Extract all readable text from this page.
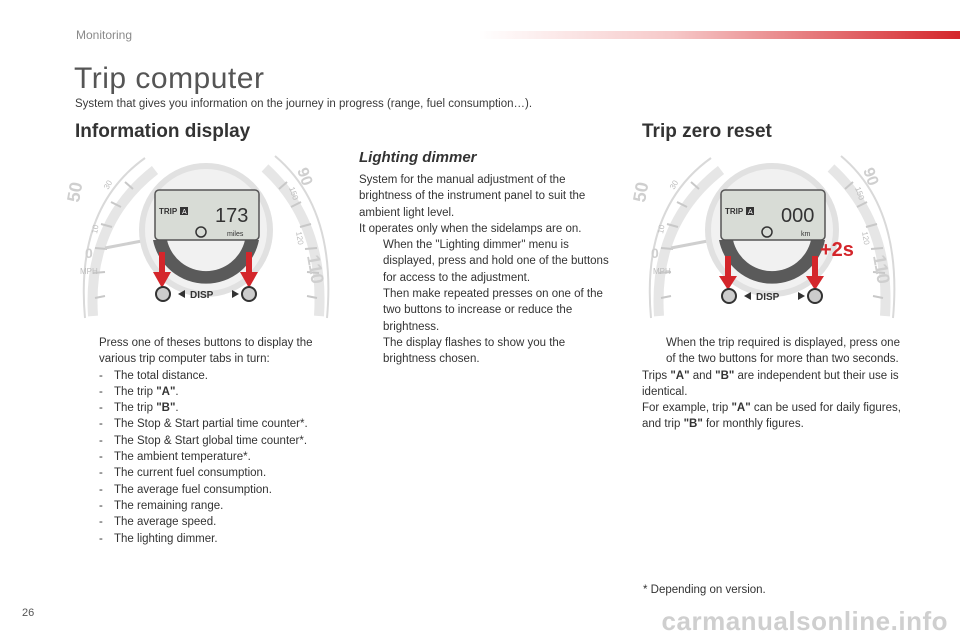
Monitoring
Trip computer
System that gives you information on the journey in progress (range, fuel consumption…).
Information display
90
150
120
110
50 30
10
0
MPH
TRIP A 173
miles
DISP
Press one of theses buttons to display the various trip computer tabs in turn:
- The total distance.
- The trip "A".
- The trip "B".
- The Stop & Start partial time counter*.
- The Stop & Start global time counter*.
- The ambient temperature*.
- The current fuel consumption.
- The average fuel consumption.
- The remaining range.
- The average speed.
- The lighting dimmer.
Lighting dimmer
System for the manual adjustment of the brightness of the instrument panel to suit the ambient light level.
It operates only when the sidelamps are on.
When the "Lighting dimmer" menu is displayed, press and hold one of the buttons for access to the adjustment.
Then make repeated presses on one of the two buttons to increase or reduce the brightness.
The display flashes to show you the brightness chosen.
Trip zero reset
90
150
120
110
50 30
10
0
MPH
TRIP A 000
km
+2s
DISP
When the trip required is displayed, press one of the two buttons for more than two seconds.
Trips "A" and "B" are independent but their use is identical.
For example, trip "A" can be used for daily figures, and trip "B" for monthly figures.
* Depending on version.
26	carmanualsonline.info
